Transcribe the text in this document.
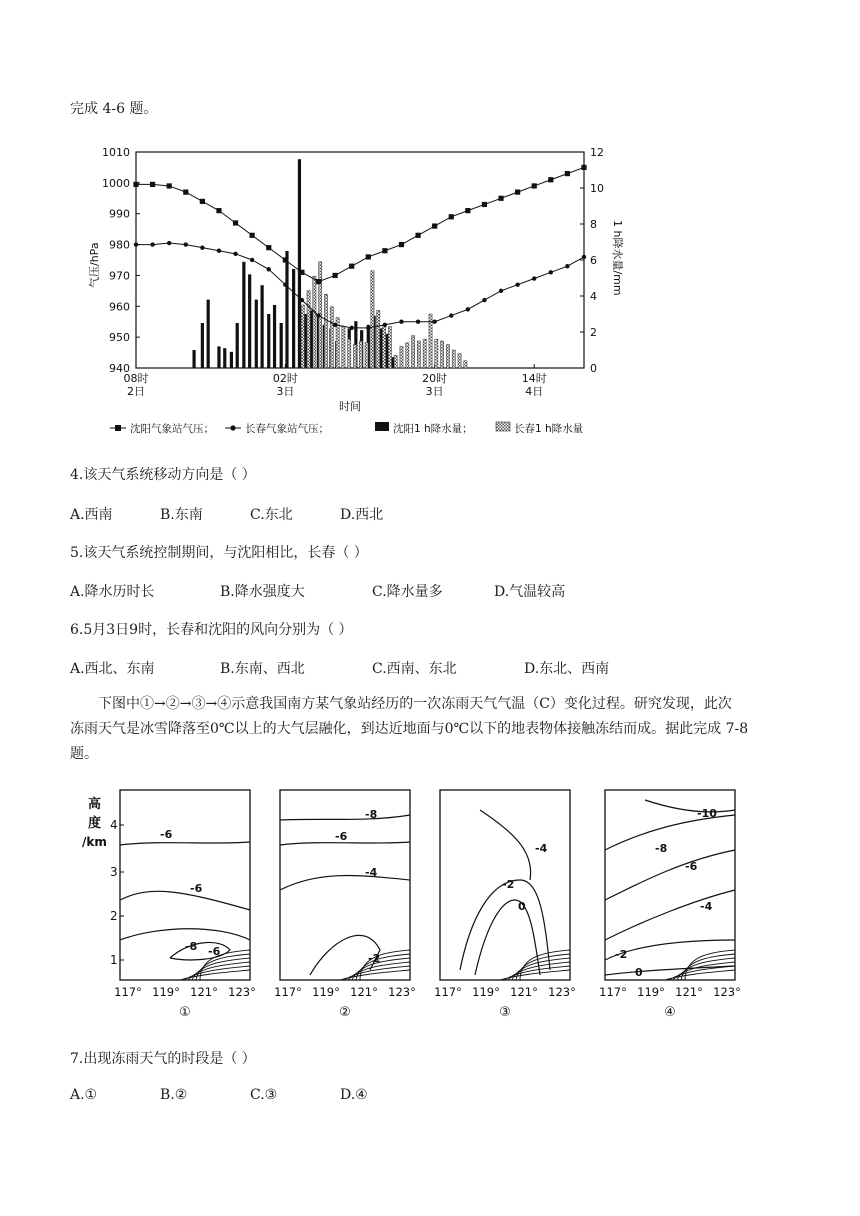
完成 4-6 题。
1010
1000
990
980
970
960
950
940
12
10
8
6
4
2
0
气压/hPa	1 h降水量/mm
08时
2日
02时
3日
20时
3日
14时
4日
时间
沈阳气象站气压；	长春气象站气压；	沈阳1 h降水量；	长春1 h降水量
4.该天气系统移动方向是（ ）
A.西南	B.东南	C.东北	D.西北
5.该天气系统控制期间，与沈阳相比，长春（ ）
A.降水历时长	B.降水强度大	C.降水量多	D.气温较高
6.5月3日9时，长春和沈阳的风向分别为（ ）
A.西北、东南	B.东南、西北	C.西南、东北	D.东北、西南
下图中①→②→③→④示意我国南方某气象站经历的一次冻雨天气气温（C）变化过程。研究发现，此次
冻雨天气是冰雪降落至0℃以上的大气层融化，到达近地面与0℃以下的地表物体接触冻结而成。据此完成 7-8
题。
高
度
/km
4
3
2
1
-6
-6
-8 -6
117° 119° 121° 123°
①
-8
-6
-4
-2
117° 119° 121° 123°
②
-4
-2
0
117° 119° 121° 123°
③
-10
-8
-6
-4
-2
0
117° 119° 121° 123°
④
7.出现冻雨天气的时段是（ ）
A.①	B.②	C.③	D.④
